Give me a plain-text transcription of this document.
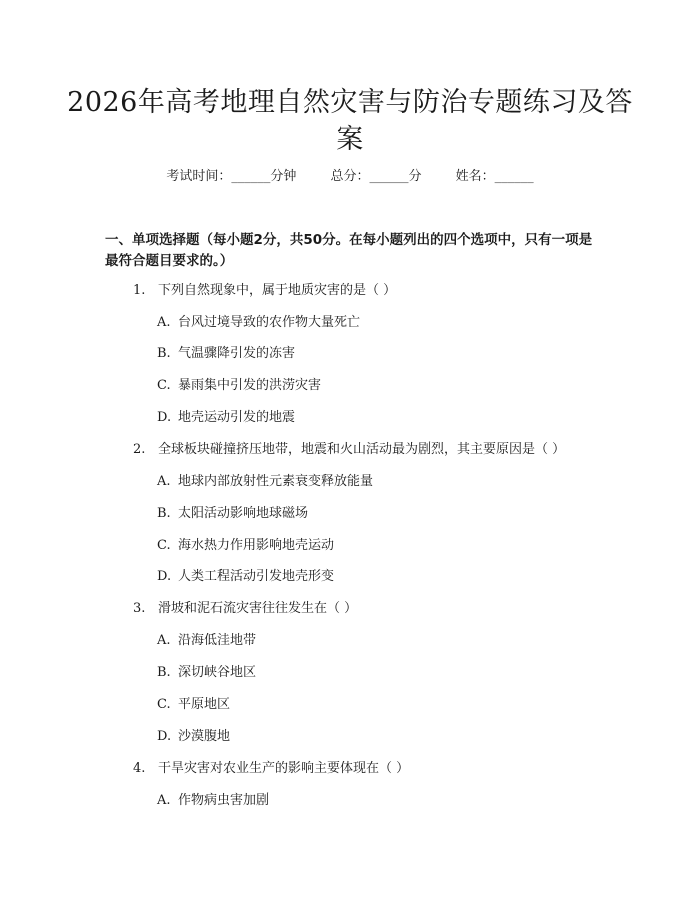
2026年高考地理自然灾害与防治专题练习及答案
考试时间：______分钟	总分：______分	姓名：______

一、单项选择题（每小题2分，共50分。在每小题列出的四个选项中，只有一项是最符合题目要求的。）

1. 下列自然现象中，属于地质灾害的是（ ）
A. 台风过境导致的农作物大量死亡
B. 气温骤降引发的冻害
C. 暴雨集中引发的洪涝灾害
D. 地壳运动引发的地震
2. 全球板块碰撞挤压地带，地震和火山活动最为剧烈，其主要原因是（ ）
A. 地球内部放射性元素衰变释放能量
B. 太阳活动影响地球磁场
C. 海水热力作用影响地壳运动
D. 人类工程活动引发地壳形变
3. 滑坡和泥石流灾害往往发生在（ ）
A. 沿海低洼地带
B. 深切峡谷地区
C. 平原地区
D. 沙漠腹地
4. 干旱灾害对农业生产的影响主要体现在（ ）
A. 作物病虫害加剧
